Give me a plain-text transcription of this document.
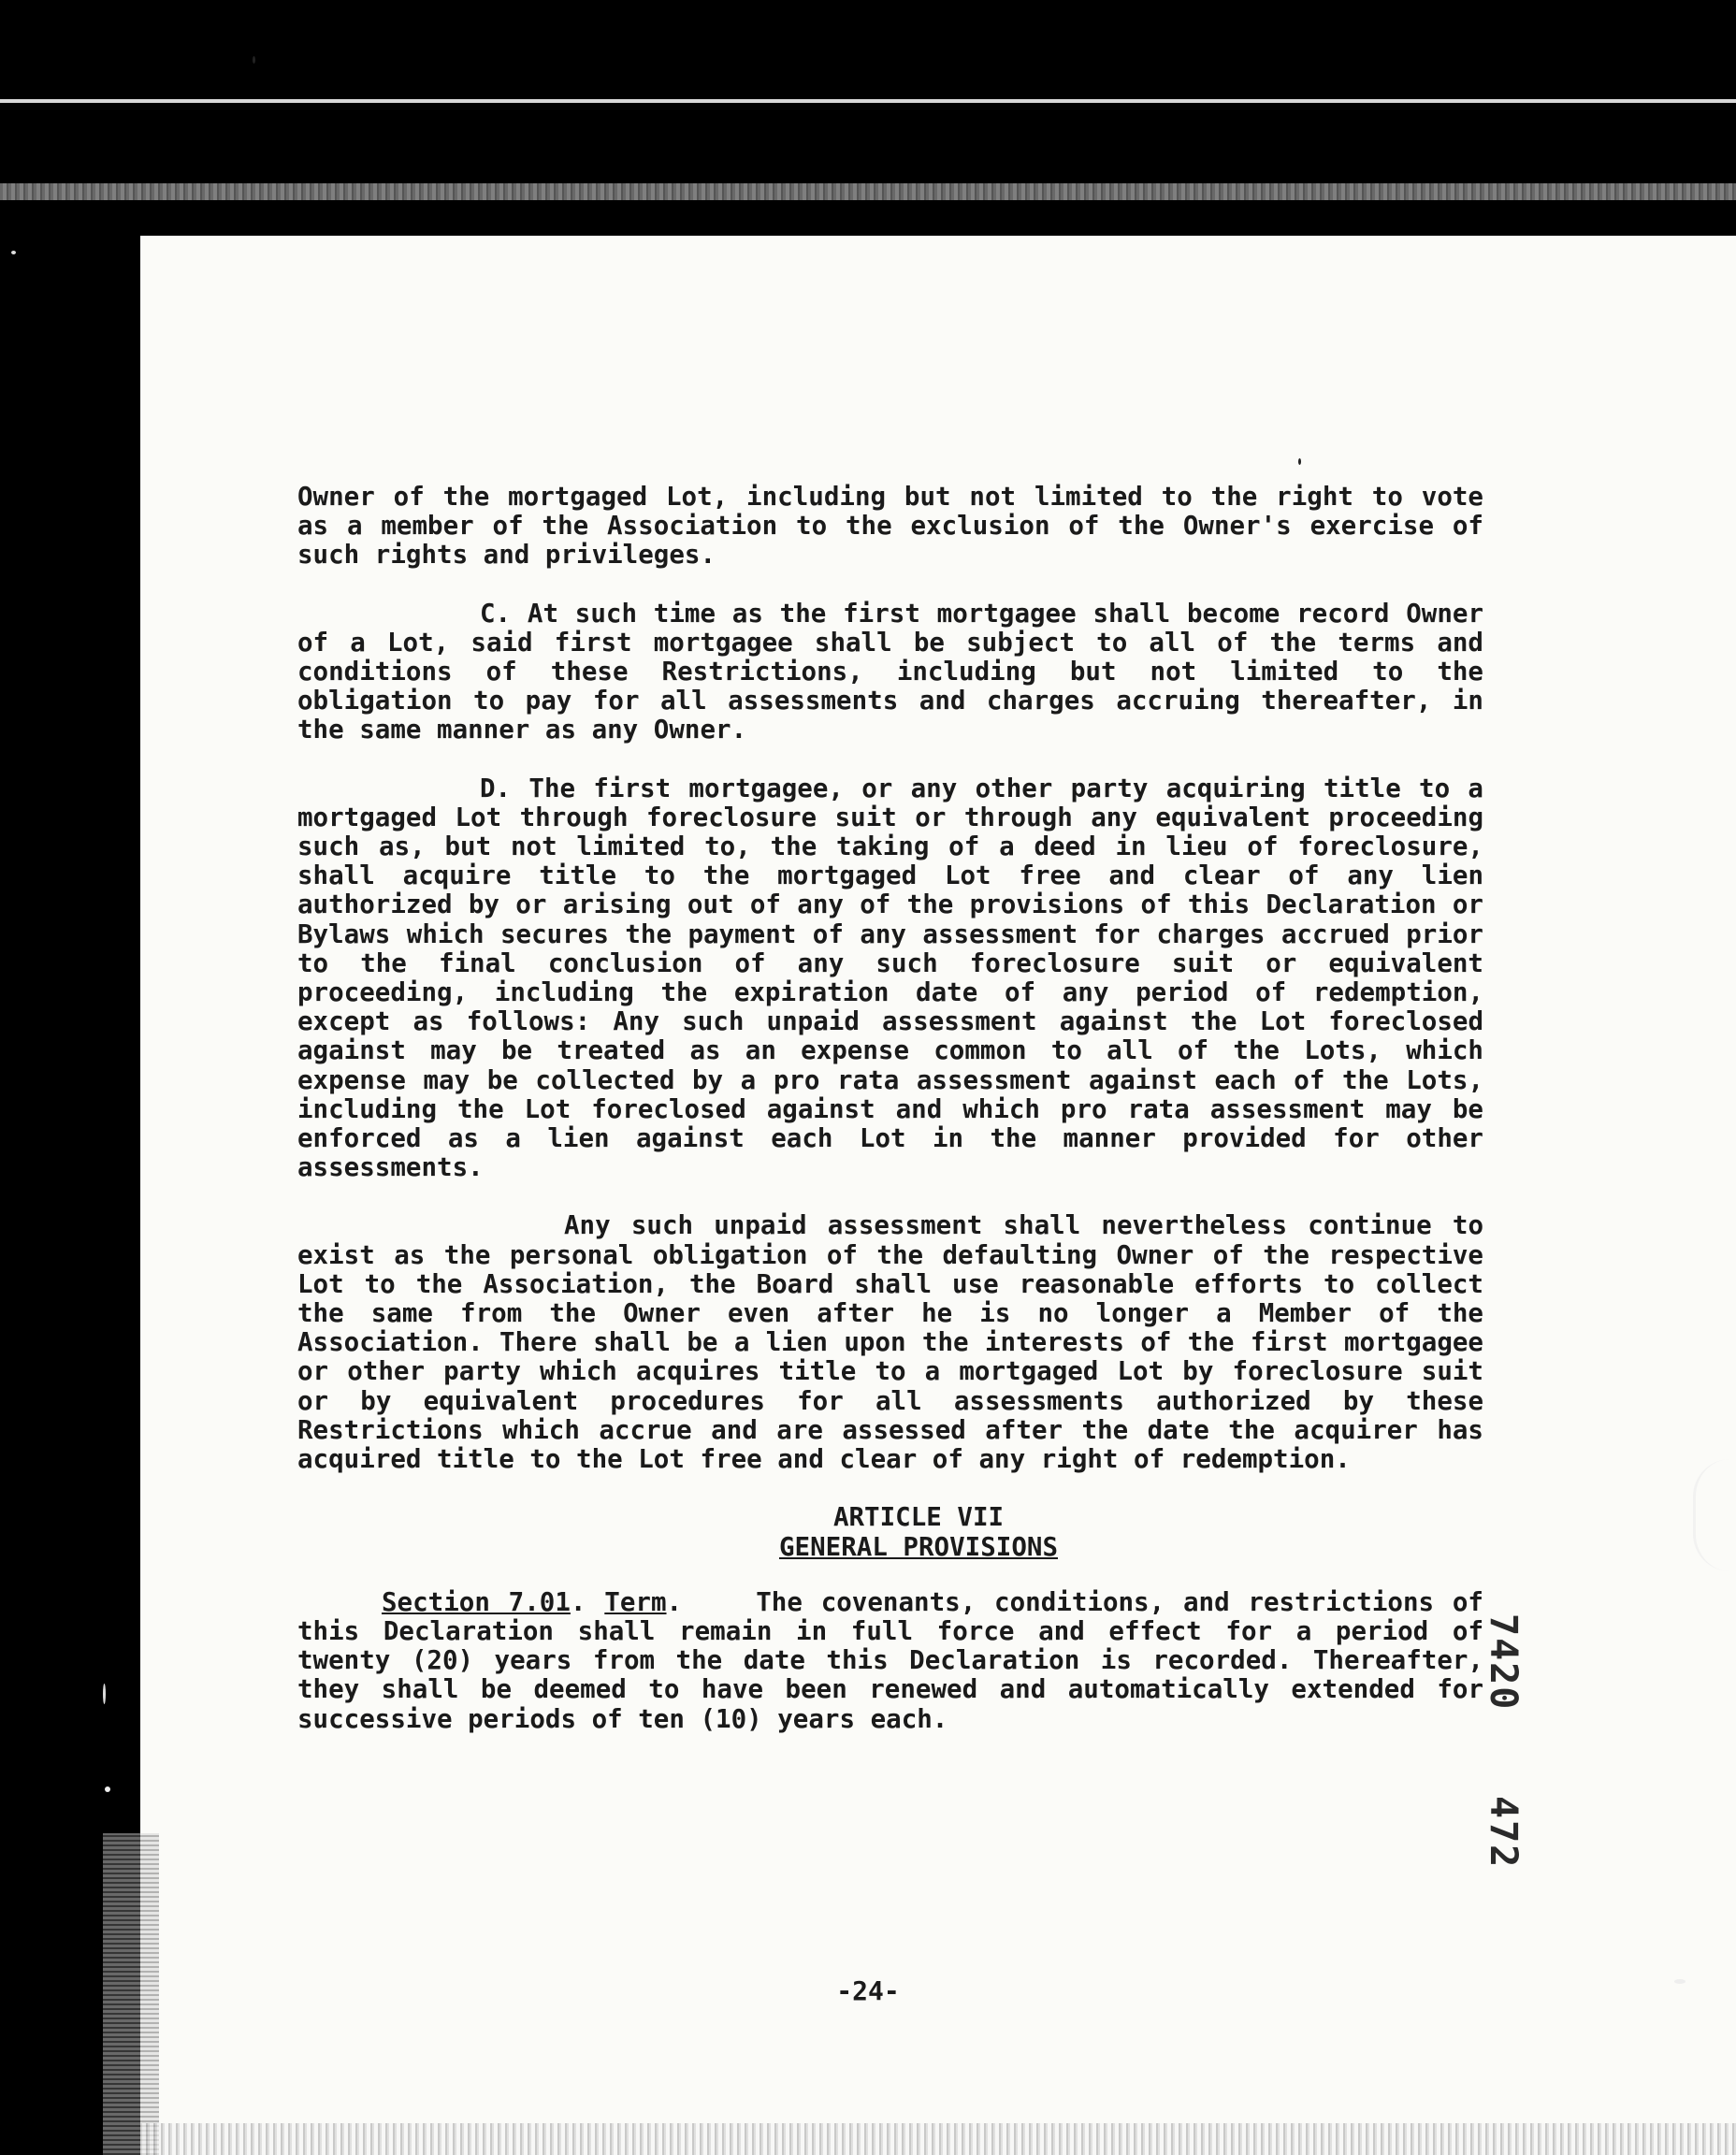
Owner of the mortgaged Lot, including but not limited to the right to vote as a member of the Association to the exclusion of the Owner's exercise of such rights and privileges.

C. At such time as the first mortgagee shall become record Owner of a Lot, said first mortgagee shall be subject to all of the terms and conditions of these Restrictions, including but not limited to the obligation to pay for all assessments and charges accruing thereafter, in the same manner as any Owner.

D. The first mortgagee, or any other party acquiring title to a mortgaged Lot through foreclosure suit or through any equivalent proceeding such as, but not limited to, the taking of a deed in lieu of foreclosure, shall acquire title to the mortgaged Lot free and clear of any lien authorized by or arising out of any of the provisions of this Declaration or Bylaws which secures the payment of any assessment for charges accrued prior to the final conclusion of any such foreclosure suit or equivalent proceeding, including the expiration date of any period of redemption, except as follows: Any such unpaid assessment against the Lot foreclosed against may be treated as an expense common to all of the Lots, which expense may be collected by a pro rata assessment against each of the Lots, including the Lot foreclosed against and which pro rata assessment may be enforced as a lien against each Lot in the manner provided for other assessments.

Any such unpaid assessment shall nevertheless continue to exist as the personal obligation of the defaulting Owner of the respective Lot to the Association, the Board shall use reasonable efforts to collect the same from the Owner even after he is no longer a Member of the Association. There shall be a lien upon the interests of the first mortgagee or other party which acquires title to a mortgaged Lot by foreclosure suit or by equivalent procedures for all assessments authorized by these Restrictions which accrue and are assessed after the date the acquirer has acquired title to the Lot free and clear of any right of redemption.

ARTICLE VII

GENERAL PROVISIONS

Section 7.01. Term.    The covenants, conditions, and restrictions of this Declaration shall remain in full force and effect for a period of twenty (20) years from the date this Declaration is recorded. Thereafter, they shall be deemed to have been renewed and automatically extended for successive periods of ten (10) years each.

7420
472
-24-
